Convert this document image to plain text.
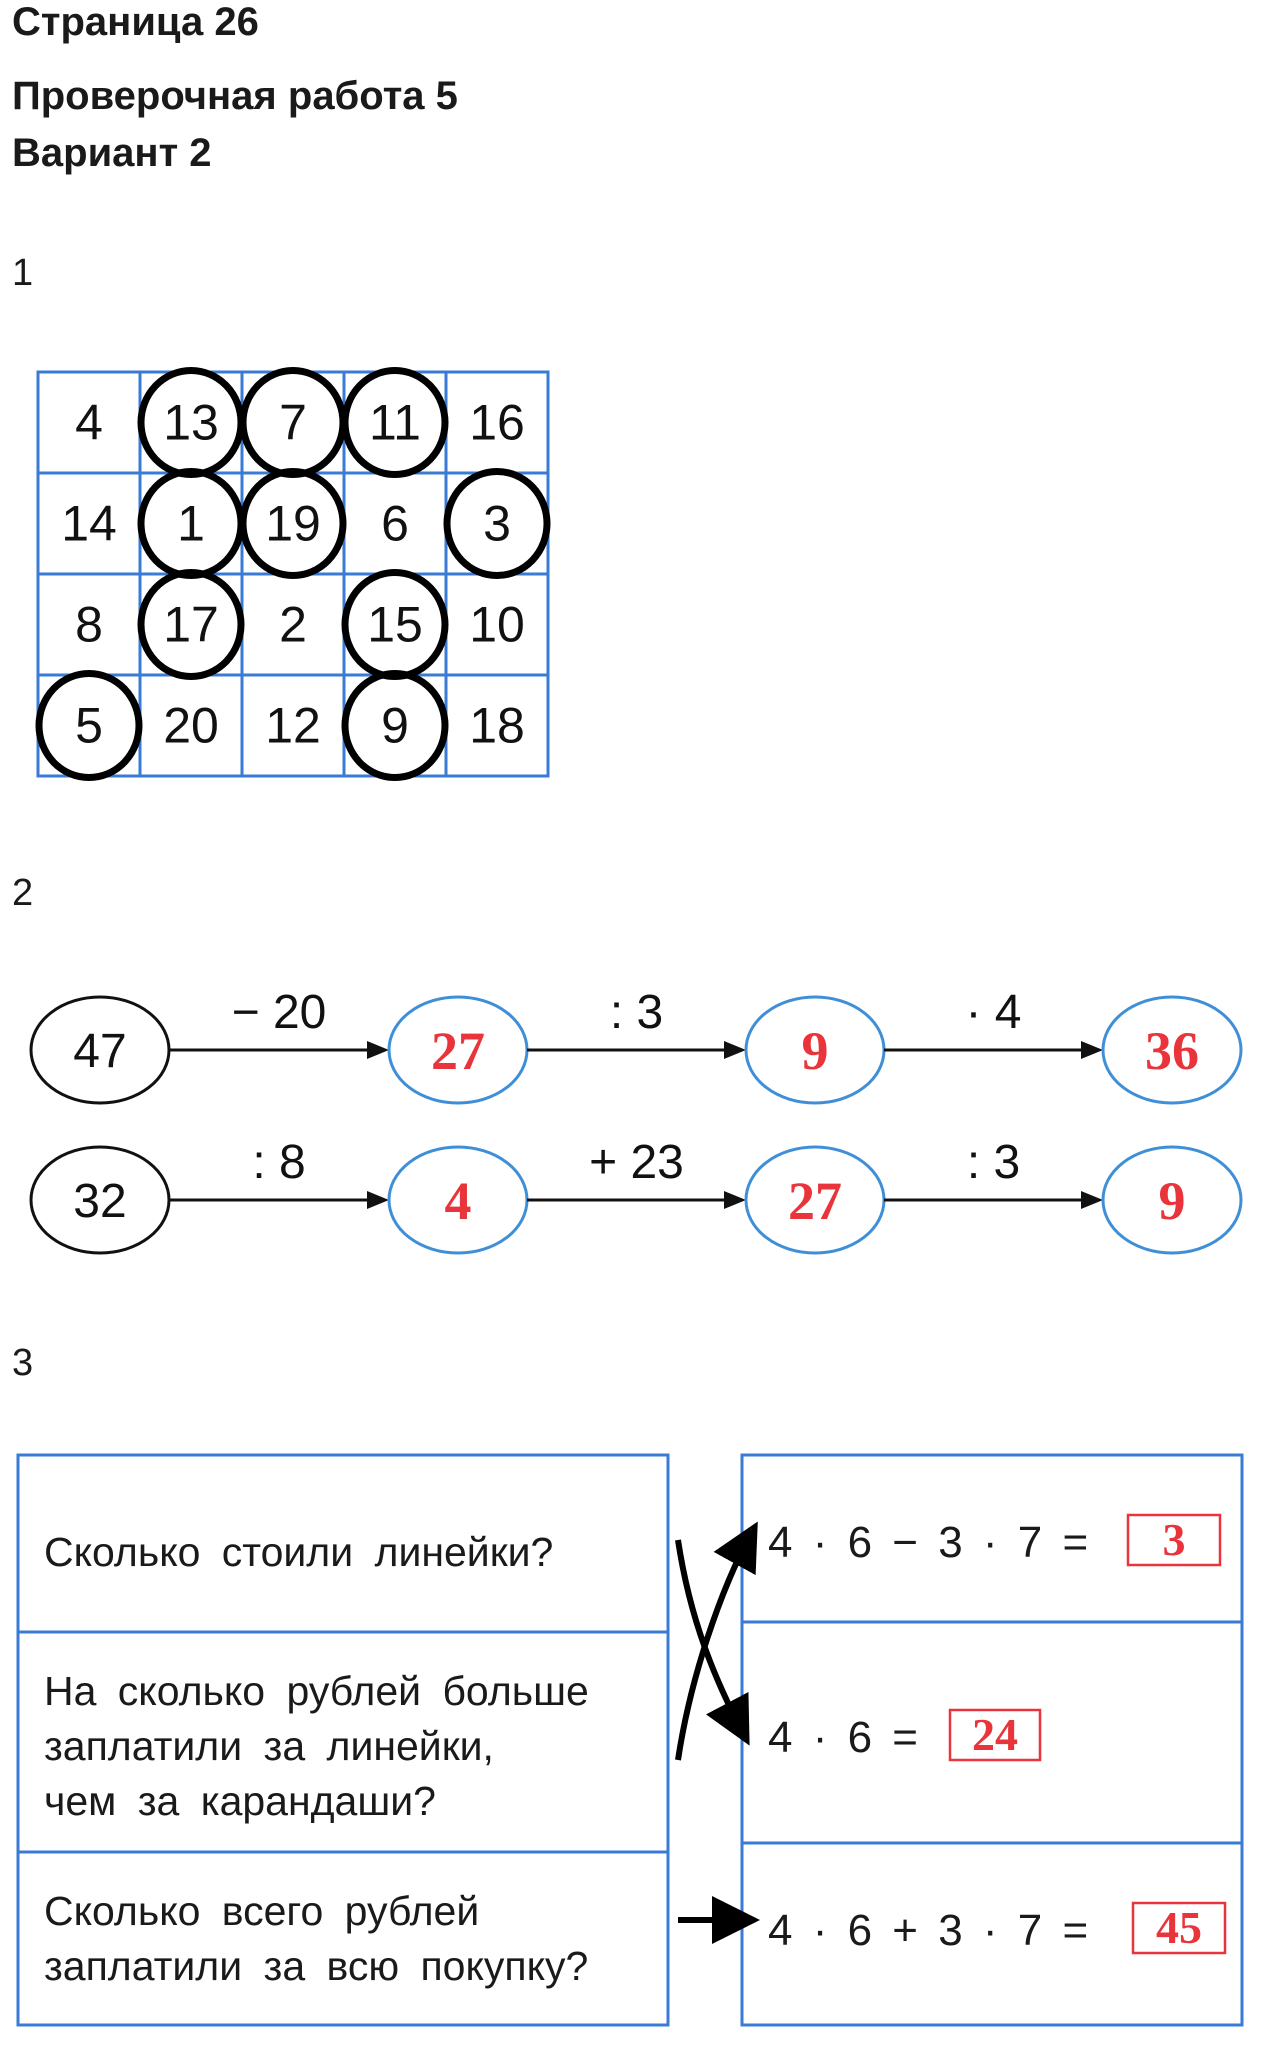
Страница 26
Проверочная работа 5
Вариант 2
1
2
3
4 13 7 11 16
14 1 19 6 3
8 17 2 15 10
5 20 12 9 18
47
− 20
27
: 3
9
· 4
36
32
: 8
4
+ 23
27
: 3
9
Сколько стоили линейки?
На сколько рублей больше
заплатили за линейки,
чем за карандаши?
Сколько всего рублей
заплатили за всю покупку?
4 · 6 − 3 · 7 = 3
4 · 6 = 24
4 · 6 + 3 · 7 = 45
